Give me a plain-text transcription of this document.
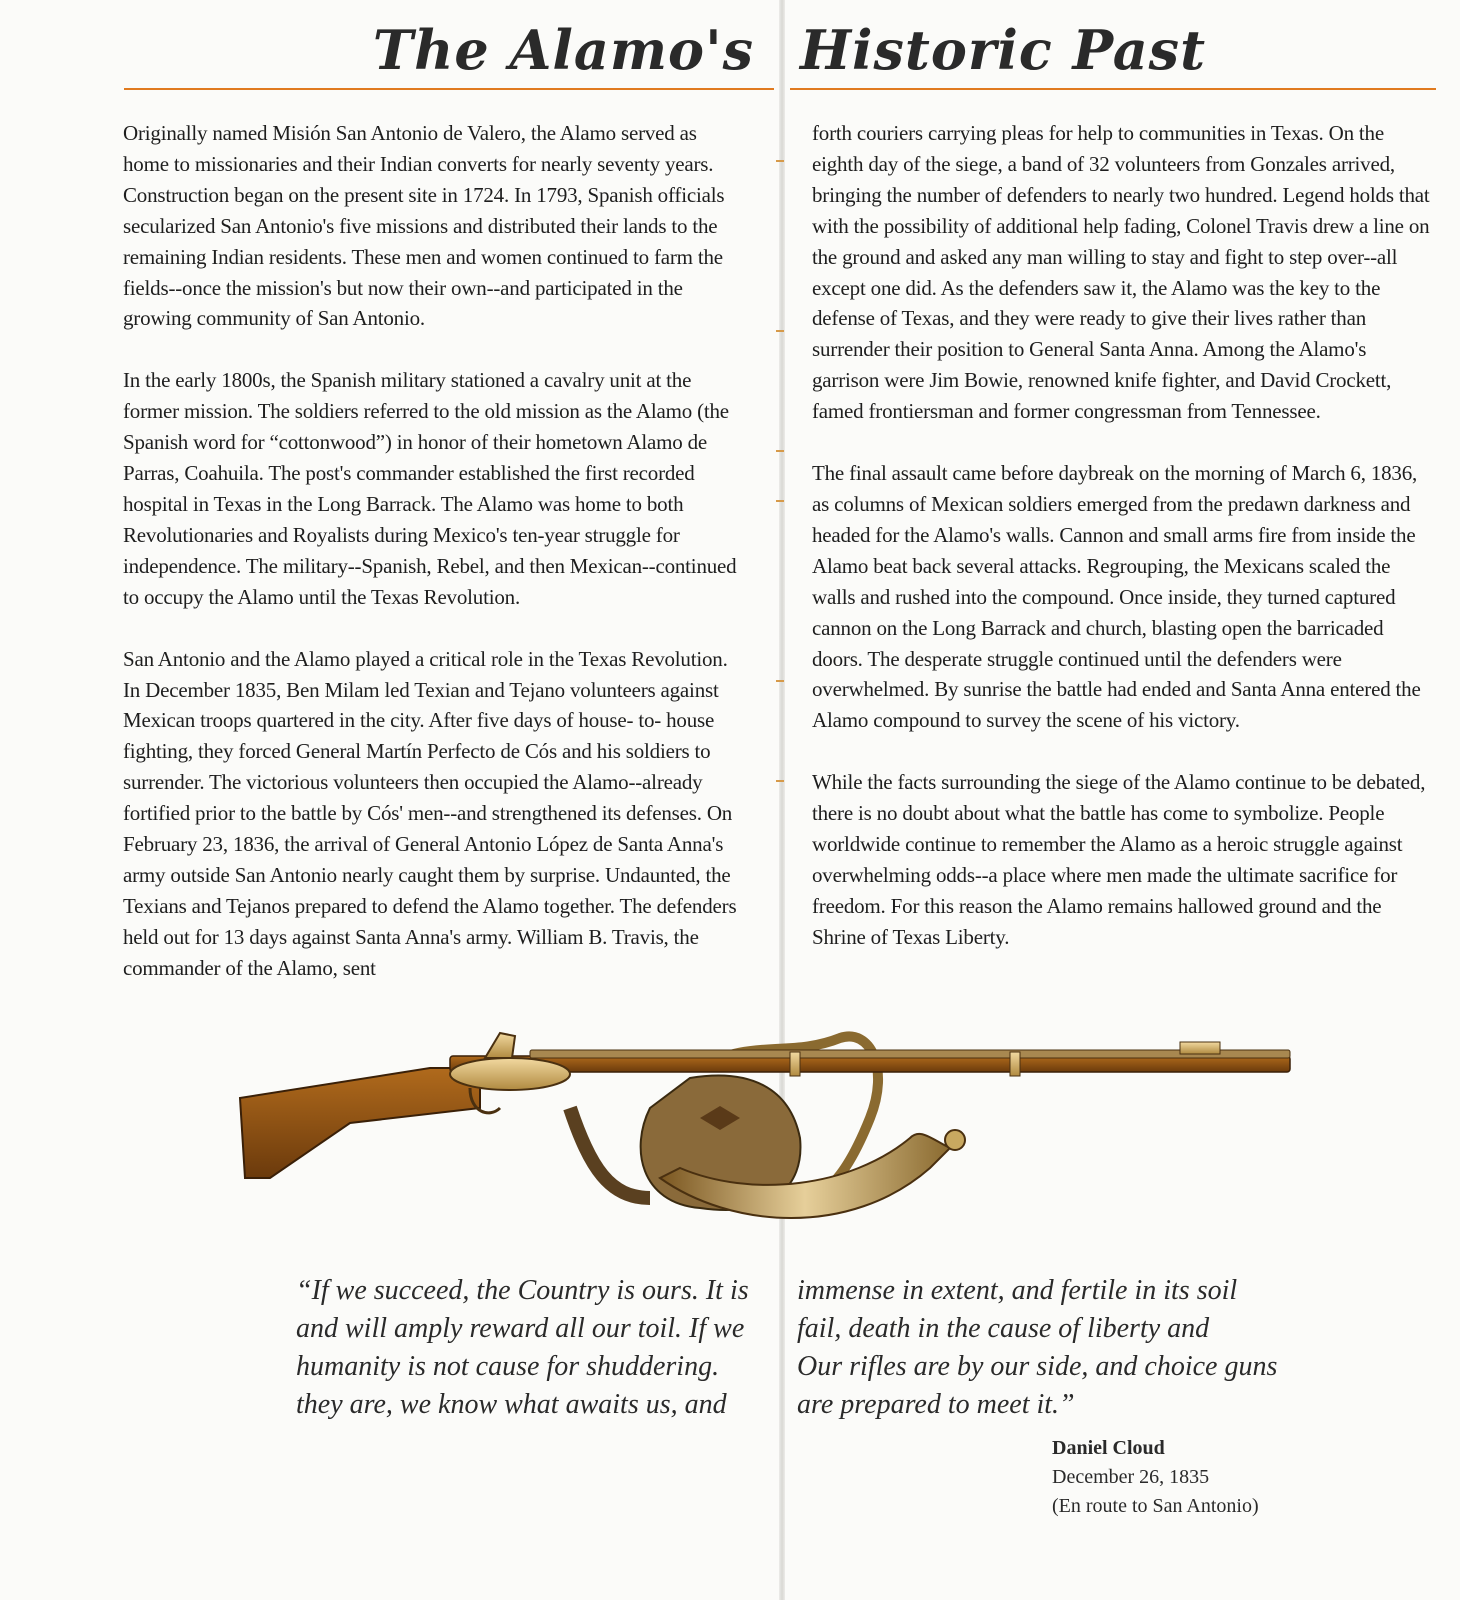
The Alamo's Historic Past

Originally named Misión San Antonio de Valero, the Alamo served as home to missionaries and their Indian converts for nearly seventy years. Construction began on the present site in 1724. In 1793, Spanish officials secularized San Antonio's five missions and distributed their lands to the remaining Indian residents. These men and women continued to farm the fields--once the mission's but now their own--and participated in the growing community of San Antonio.

In the early 1800s, the Spanish military stationed a cavalry unit at the former mission. The soldiers referred to the old mission as the Alamo (the Spanish word for “cottonwood”) in honor of their hometown Alamo de Parras, Coahuila. The post's commander established the first recorded hospital in Texas in the Long Barrack. The Alamo was home to both Revolutionaries and Royalists during Mexico's ten-year struggle for independence. The military--Spanish, Rebel, and then Mexican--continued to occupy the Alamo until the Texas Revolution.

San Antonio and the Alamo played a critical role in the Texas Revolution. In December 1835, Ben Milam led Texian and Tejano volunteers against Mexican troops quartered in the city. After five days of house- to- house fighting, they forced General Martín Perfecto de Cós and his soldiers to surrender. The victorious volunteers then occupied the Alamo--already fortified prior to the battle by Cós' men--and strengthened its defenses. On February 23, 1836, the arrival of General Antonio López de Santa Anna's army outside San Antonio nearly caught them by surprise. Undaunted, the Texians and Tejanos prepared to defend the Alamo together. The defenders held out for 13 days against Santa Anna's army. William B. Travis, the commander of the Alamo, sent

forth couriers carrying pleas for help to communities in Texas. On the eighth day of the siege, a band of 32 volunteers from Gonzales arrived, bringing the number of defenders to nearly two hundred. Legend holds that with the possibility of additional help fading, Colonel Travis drew a line on the ground and asked any man willing to stay and fight to step over--all except one did. As the defenders saw it, the Alamo was the key to the defense of Texas, and they were ready to give their lives rather than surrender their position to General Santa Anna. Among the Alamo's garrison were Jim Bowie, renowned knife fighter, and David Crockett, famed frontiersman and former congressman from Tennessee.

The final assault came before daybreak on the morning of March 6, 1836, as columns of Mexican soldiers emerged from the predawn darkness and headed for the Alamo's walls. Cannon and small arms fire from inside the Alamo beat back several attacks. Regrouping, the Mexicans scaled the walls and rushed into the compound. Once inside, they turned captured cannon on the Long Barrack and church, blasting open the barricaded doors. The desperate struggle continued until the defenders were overwhelmed. By sunrise the battle had ended and Santa Anna entered the Alamo compound to survey the scene of his victory.

While the facts surrounding the siege of the Alamo continue to be debated, there is no doubt about what the battle has come to symbolize. People worldwide continue to remember the Alamo as a heroic struggle against overwhelming odds--a place where men made the ultimate sacrifice for freedom. For this reason the Alamo remains hallowed ground and the Shrine of Texas Liberty.

“If we succeed, the Country is ours. It is

and will amply reward all our toil. If we

humanity is not cause for shuddering.

they are, we know what awaits us, and

immense in extent, and fertile in its soil

fail, death in the cause of liberty and

Our rifles are by our side, and choice guns

are prepared to meet it.”

Daniel Cloud
December 26, 1835
(En route to San Antonio)
